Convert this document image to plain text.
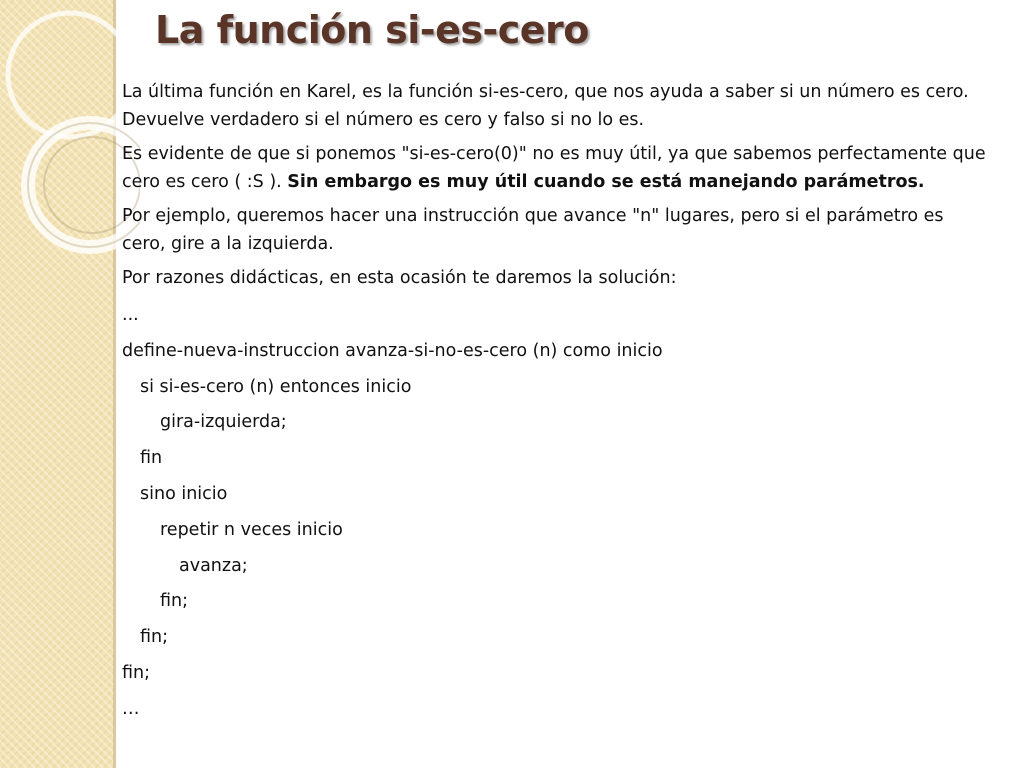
La función si-es-cero

La última función en Karel, es la función si-es-cero, que nos ayuda a saber si un número es cero. Devuelve verdadero si el número es cero y falso si no lo es.

Es evidente de que si ponemos "si-es-cero(0)" no es muy útil, ya que sabemos perfectamente que cero es cero ( :S ). Sin embargo es muy útil cuando se está manejando parámetros.

Por ejemplo, queremos hacer una instrucción que avance "n" lugares, pero si el parámetro es cero, gire a la izquierda.

Por razones didácticas, en esta ocasión te daremos la solución:

...
define-nueva-instruccion avanza-si-no-es-cero (n) como inicio
si si-es-cero (n) entonces inicio
gira-izquierda;
fin
sino inicio
repetir n veces inicio
avanza;
fin;
fin;
fin;
…
